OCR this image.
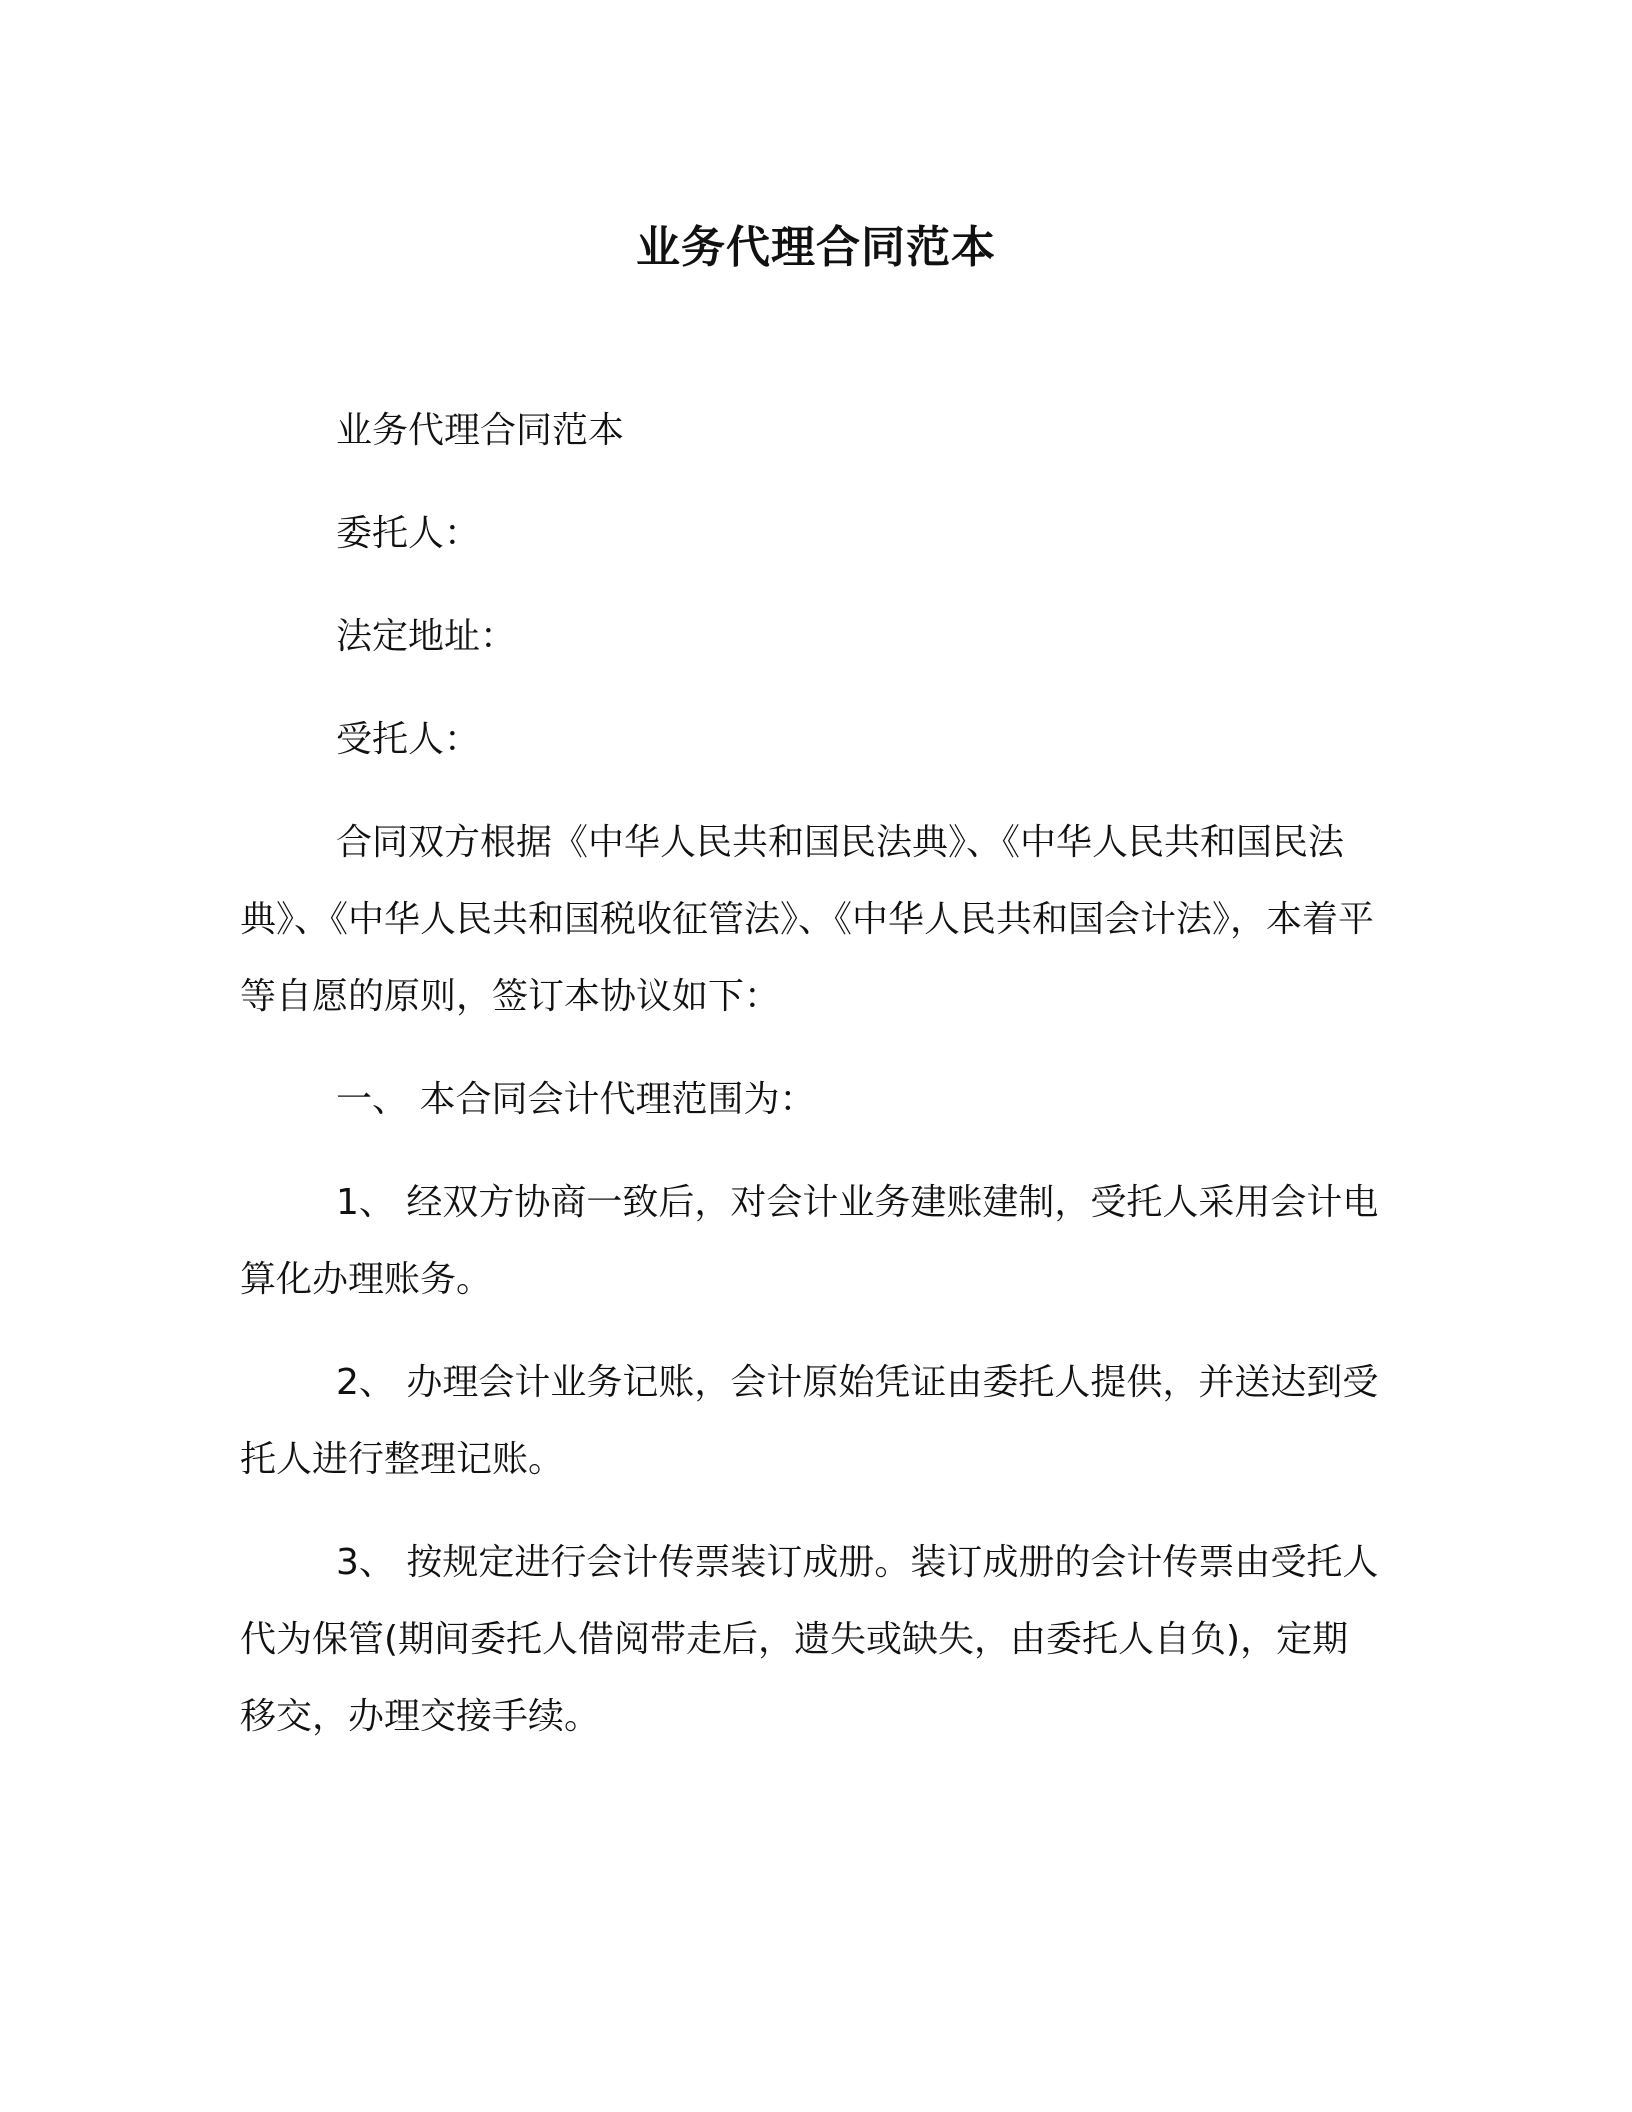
业务代理合同范本

业务代理合同范本

委托人：

法定地址：

受托人：

合同双方根据《中华人民共和国民法典》、《中华人民共和国民法典》、《中华人民共和国税收征管法》、《中华人民共和国会计法》，本着平等自愿的原则，签订本协议如下：

一、 本合同会计代理范围为：

1、 经双方协商一致后，对会计业务建账建制，受托人采用会计电算化办理账务。

2、 办理会计业务记账，会计原始凭证由委托人提供，并送达到受托人进行整理记账。

3、 按规定进行会计传票装订成册。装订成册的会计传票由受托人代为保管(期间委托人借阅带走后，遗失或缺失，由委托人自负)，定期移交，办理交接手续。
